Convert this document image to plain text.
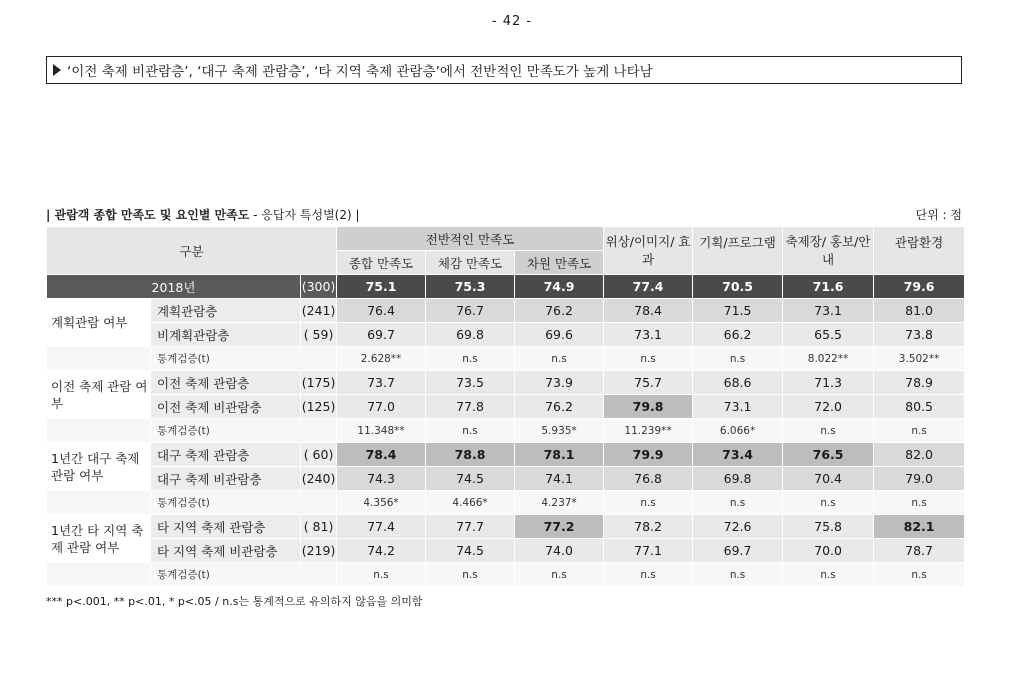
- 42 -
‘이전 축제 비관람층’, ‘대구 축제 관람층’, ‘타 지역 축제 관람층’에서 전반적인 만족도가 높게 나타남
| 관람객 종합 만족도 및 요인별 만족도 - 응답자 특성별(2) |	단위 : 점
구분			전반적인 만족도			위상/이미지/ 효과	기획/프로그램	축제장/ 홍보/안내	관람환경
			종합 만족도	체감 만족도	차원 만족도				
2018년		(300)	75.1	75.3	74.9	77.4	70.5	71.6	79.6
계획관람 여부	계획관람층	(241)	76.4	76.7	76.2	78.4	71.5	73.1	81.0
	비계획관람층	( 59)	69.7	69.8	69.6	73.1	66.2	65.5	73.8
	통계검증(t)		2.628**	n.s	n.s	n.s	n.s	8.022**	3.502**
이전 축제 관람 여부	이전 축제 관람층	(175)	73.7	73.5	73.9	75.7	68.6	71.3	78.9
	이전 축제 비관람층	(125)	77.0	77.8	76.2	79.8	73.1	72.0	80.5
	통계검증(t)		11.348**	n.s	5.935*	11.239**	6.066*	n.s	n.s
1년간 대구 축제 관람 여부	대구 축제 관람층	( 60)	78.4	78.8	78.1	79.9	73.4	76.5	82.0
	대구 축제 비관람층	(240)	74.3	74.5	74.1	76.8	69.8	70.4	79.0
	통계검증(t)		4.356*	4.466*	4.237*	n.s	n.s	n.s	n.s
1년간 타 지역 축제 관람 여부	타 지역 축제 관람층	( 81)	77.4	77.7	77.2	78.2	72.6	75.8	82.1
	타 지역 축제 비관람층	(219)	74.2	74.5	74.0	77.1	69.7	70.0	78.7
	통계검증(t)		n.s	n.s	n.s	n.s	n.s	n.s	n.s
*** p<.001, ** p<.01, * p<.05 / n.s는 통계적으로 유의하지 않음을 의미함
